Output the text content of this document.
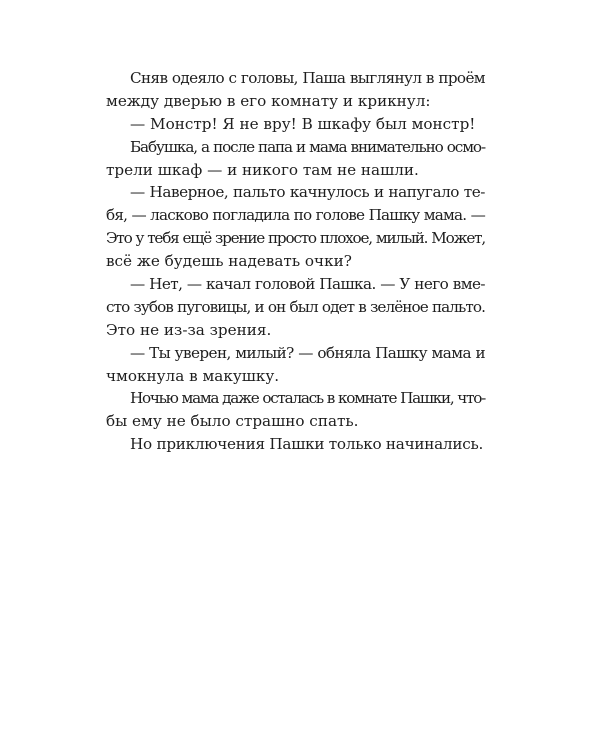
Сняв одеяло с головы, Паша выглянул в проём
между дверью в его комнату и крикнул:
— Монстр! Я не вру! В шкафу был монстр!
Бабушка, а после папа и мама внимательно осмо-
трели шкаф — и никого там не нашли.
— Наверное, пальто качнулось и напугало те-
бя, — ласково погладила по голове Пашку мама. —
Это у тебя ещё зрение просто плохое, милый. Может,
всё же будешь надевать очки?
— Нет, — качал головой Пашка. — У него вме-
сто зубов пуговицы, и он был одет в зелёное пальто.
Это не из-за зрения.
— Ты уверен, милый? — обняла Пашку мама и
чмокнула в макушку.
Ночью мама даже осталась в комнате Пашки, что-
бы ему не было страшно спать.
Но приключения Пашки только начинались.
